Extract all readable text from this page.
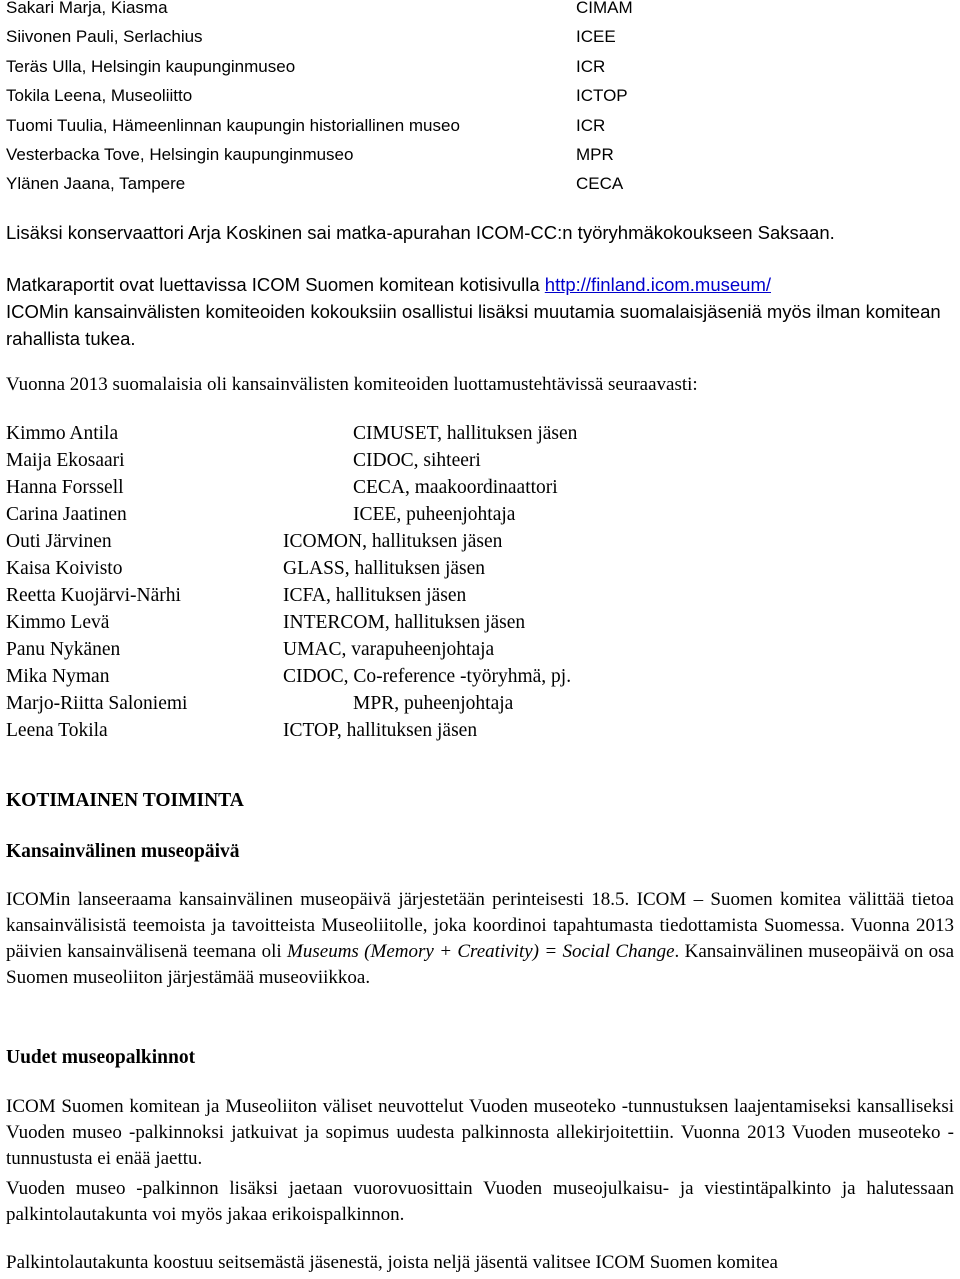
Sakari Marja, Kiasma	CIMAM
Siivonen Pauli, Serlachius	ICEE
Teräs Ulla, Helsingin kaupunginmuseo	ICR
Tokila Leena, Museoliitto	ICTOP
Tuomi Tuulia, Hämeenlinnan kaupungin historiallinen museo	ICR
Vesterbacka Tove, Helsingin kaupunginmuseo	MPR
Ylänen Jaana, Tampere	CECA
Lisäksi konservaattori Arja Koskinen sai matka-apurahan ICOM-CC:n työryhmäkokoukseen Saksaan.
Matkaraportit ovat luettavissa ICOM Suomen komitean kotisivulla http://finland.icom.museum/
ICOMin kansainvälisten komiteoiden kokouksiin osallistui lisäksi muutamia suomalaisjäseniä myös ilman komitean rahallista tukea.
Vuonna 2013 suomalaisia oli kansainvälisten komiteoiden luottamustehtävissä seuraavasti:
Kimmo Antila	CIMUSET, hallituksen jäsen
Maija Ekosaari	CIDOC, sihteeri
Hanna Forssell	CECA, maakoordinaattori
Carina Jaatinen	ICEE, puheenjohtaja
Outi Järvinen	ICOMON, hallituksen jäsen
Kaisa Koivisto	GLASS, hallituksen jäsen
Reetta Kuojärvi-Närhi	ICFA, hallituksen jäsen
Kimmo Levä	INTERCOM, hallituksen jäsen
Panu Nykänen	UMAC, varapuheenjohtaja
Mika Nyman	CIDOC, Co-reference -työryhmä, pj.
Marjo-Riitta Saloniemi	MPR, puheenjohtaja
Leena Tokila	ICTOP, hallituksen jäsen
KOTIMAINEN TOIMINTA
Kansainvälinen museopäivä
ICOMin lanseeraama kansainvälinen museopäivä järjestetään perinteisesti 18.5. ICOM – Suomen komitea välittää tietoa kansainvälisistä teemoista ja tavoitteista Museoliitolle, joka koordinoi tapahtumasta tiedottamista Suomessa. Vuonna 2013 päivien kansainvälisenä teemana oli Museums (Memory + Creativity) = Social Change. Kansainvälinen museopäivä on osa Suomen museoliiton järjestämää museoviikkoa.
Uudet museopalkinnot
ICOM Suomen komitean ja Museoliiton väliset neuvottelut Vuoden museoteko -tunnustuksen laajentamiseksi kansalliseksi Vuoden museo -palkinnoksi jatkuivat ja sopimus uudesta palkinnosta allekirjoitettiin. Vuonna 2013 Vuoden museoteko -tunnustusta ei enää jaettu.
Vuoden museo -palkinnon lisäksi jaetaan vuorovuosittain Vuoden museojulkaisu- ja viestintäpalkinto ja halutessaan palkintolautakunta voi myös jakaa erikoispalkinnon.
Palkintolautakunta koostuu seitsemästä jäsenestä, joista neljä jäsentä valitsee ICOM Suomen komitea
